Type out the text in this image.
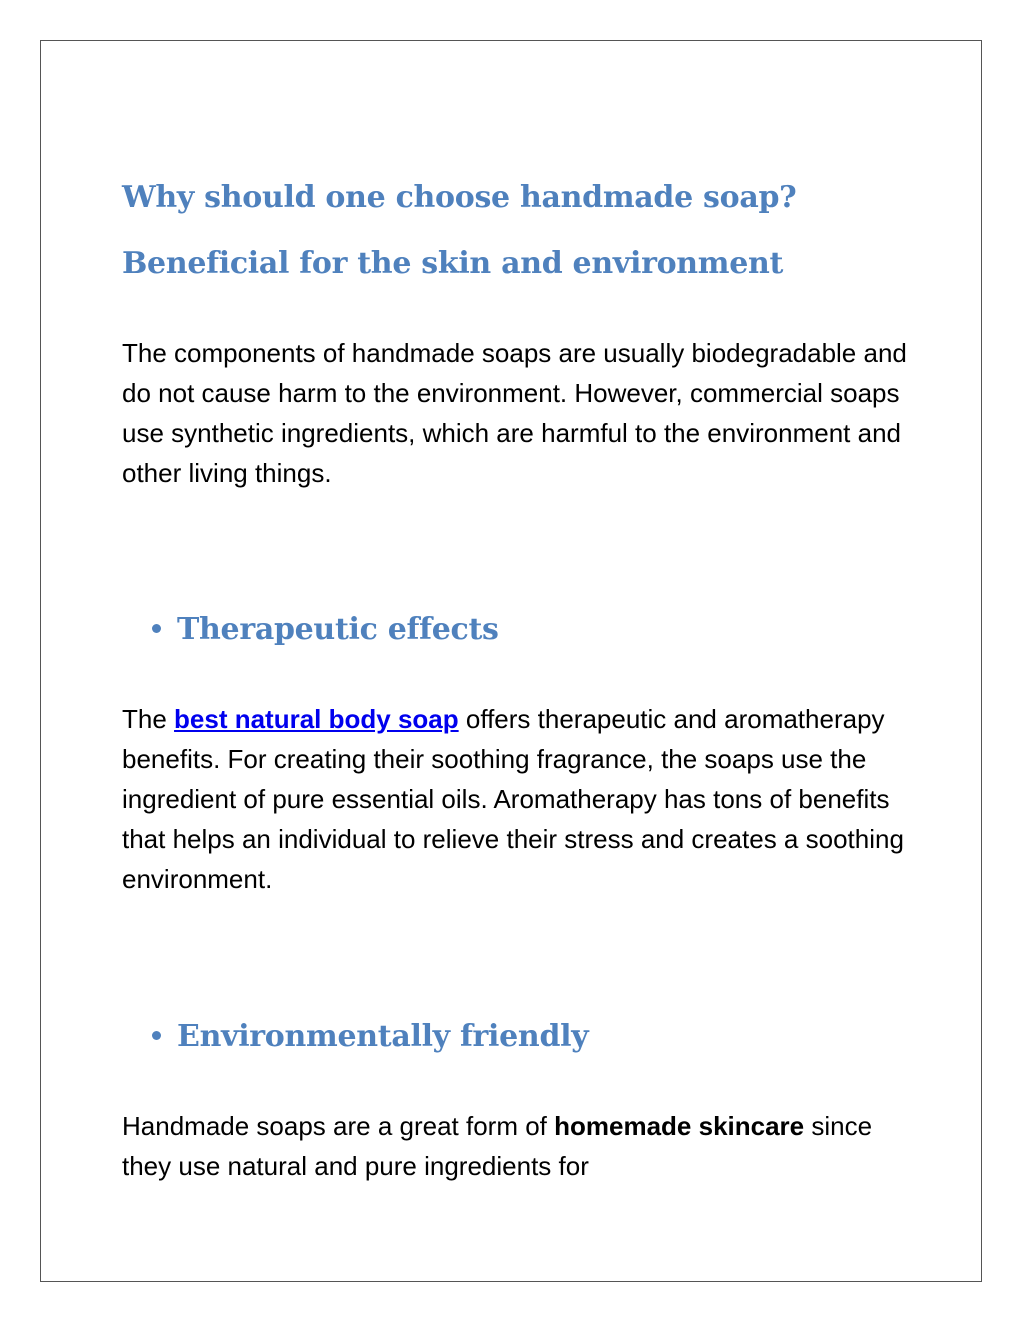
Why should one choose handmade soap?
Beneficial for the skin and environment

The components of handmade soaps are usually biodegradable and do not cause harm to the environment. However, commercial soaps use synthetic ingredients, which are harmful to the environment and other living things.

Therapeutic effects

The best natural body soap offers therapeutic and aromatherapy benefits. For creating their soothing fragrance, the soaps use the ingredient of pure essential oils. Aromatherapy has tons of benefits that helps an individual to relieve their stress and creates a soothing environment.

Environmentally friendly

Handmade soaps are a great form of homemade skincare since they use natural and pure ingredients for
